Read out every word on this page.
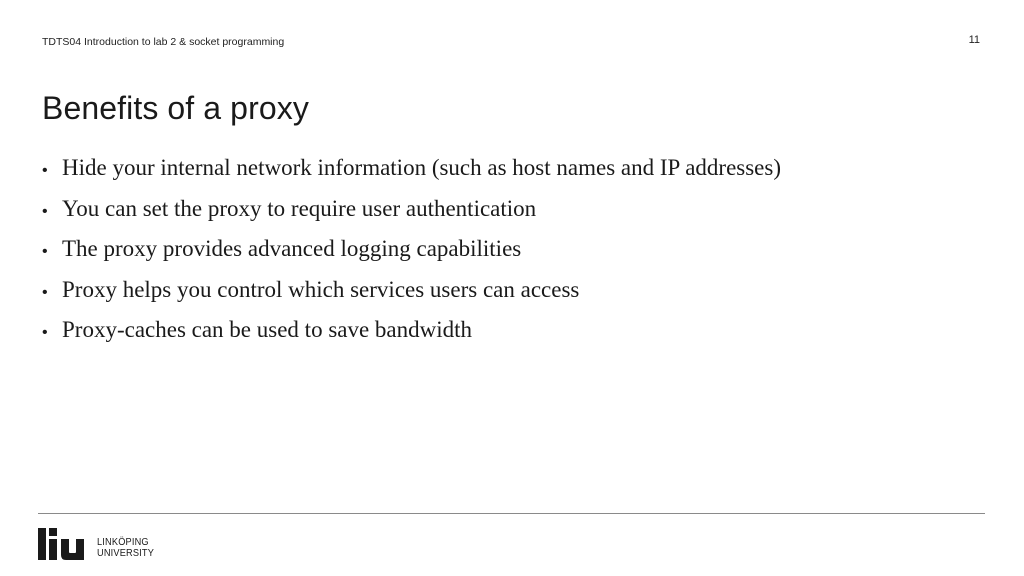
TDTS04 Introduction to lab 2 & socket programming	11
Benefits of a proxy
• Hide your internal network information (such as host names and IP addresses)
• You can set the proxy to require user authentication
• The proxy provides advanced logging capabilities
• Proxy helps you control which services users can access
• Proxy-caches can be used to save bandwidth
LINKÖPING
UNIVERSITY
